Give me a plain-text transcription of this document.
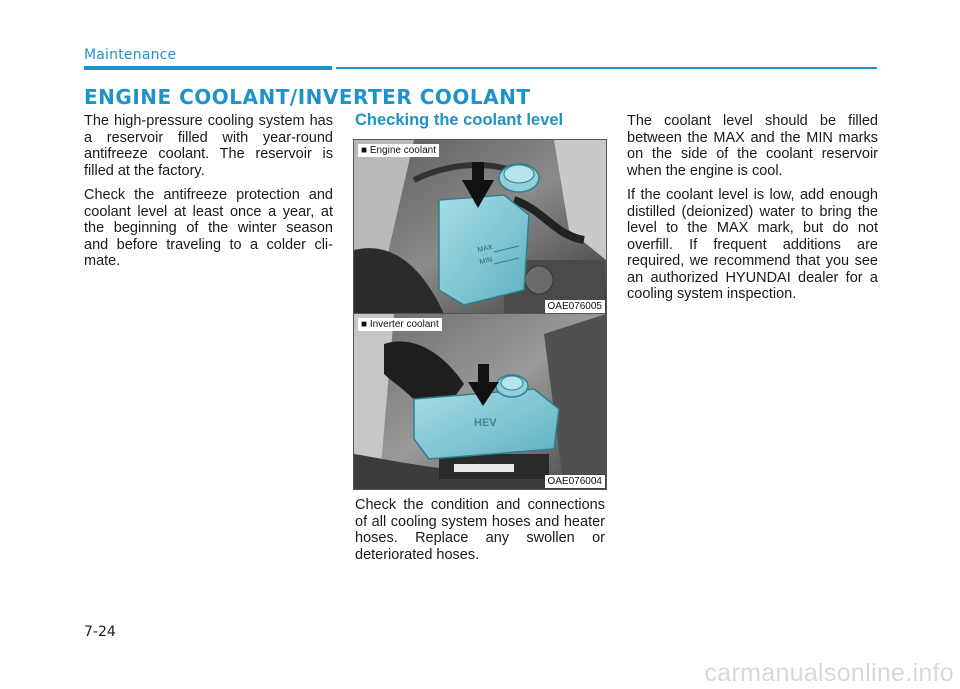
Maintenance
ENGINE COOLANT/INVERTER COOLANT

The high-pressure cooling system has a reservoir filled with year-round antifreeze coolant. The reservoir is filled at the factory.

Check the antifreeze protection and coolant level at least once a year, at the beginning of the winter season and before traveling to a colder cli-mate.

Checking the coolant level
MAX
MIN
■ Engine coolant
OAE076005
HEV
■ Inverter coolant
OAE076004

Check the condition and connections of all cooling system hoses and heater hoses. Replace any swollen or deteriorated hoses.

The coolant level should be filled between the MAX and the MIN marks on the side of the coolant reservoir when the engine is cool.

If the coolant level is low, add enough distilled (deionized) water to bring the level to the MAX mark, but do not overfill. If frequent additions are required, we recommend that you see an authorized HYUNDAI dealer for a cooling system inspection.

7-24
carmanualsonline.info
